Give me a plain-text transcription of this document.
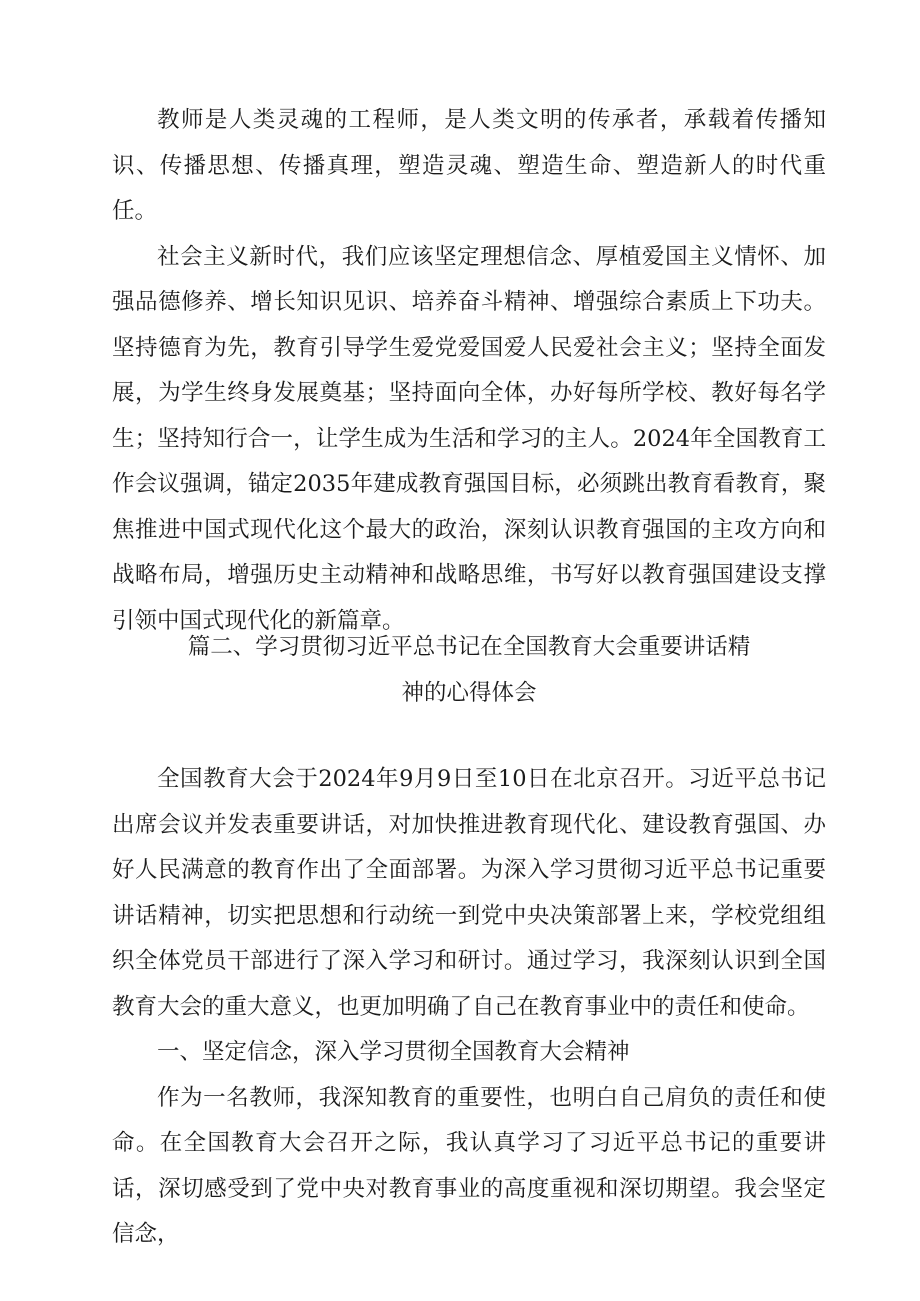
教师是人类灵魂的工程师，是人类文明的传承者，承载着传播知识、传播思想、传播真理，塑造灵魂、塑造生命、塑造新人的时代重任。

社会主义新时代，我们应该坚定理想信念、厚植爱国主义情怀、加强品德修养、增长知识见识、培养奋斗精神、增强综合素质上下功夫。坚持德育为先，教育引导学生爱党爱国爱人民爱社会主义；坚持全面发展，为学生终身发展奠基；坚持面向全体，办好每所学校、教好每名学生；坚持知行合一，让学生成为生活和学习的主人。2024年全国教育工作会议强调，锚定2035年建成教育强国目标，必须跳出教育看教育，聚焦推进中国式现代化这个最大的政治，深刻认识教育强国的主攻方向和战略布局，增强历史主动精神和战略思维，书写好以教育强国建设支撑引领中国式现代化的新篇章。

篇二、学习贯彻习近平总书记在全国教育大会重要讲话精
神的心得体会

全国教育大会于2024年9月9日至10日在北京召开。习近平总书记出席会议并发表重要讲话，对加快推进教育现代化、建设教育强国、办好人民满意的教育作出了全面部署。为深入学习贯彻习近平总书记重要讲话精神，切实把思想和行动统一到党中央决策部署上来，学校党组组织全体党员干部进行了深入学习和研讨。通过学习，我深刻认识到全国教育大会的重大意义，也更加明确了自己在教育事业中的责任和使命。

一、坚定信念，深入学习贯彻全国教育大会精神

作为一名教师，我深知教育的重要性，也明白自己肩负的责任和使命。在全国教育大会召开之际，我认真学习了习近平总书记的重要讲话，深切感受到了党中央对教育事业的高度重视和深切期望。我会坚定信念，
